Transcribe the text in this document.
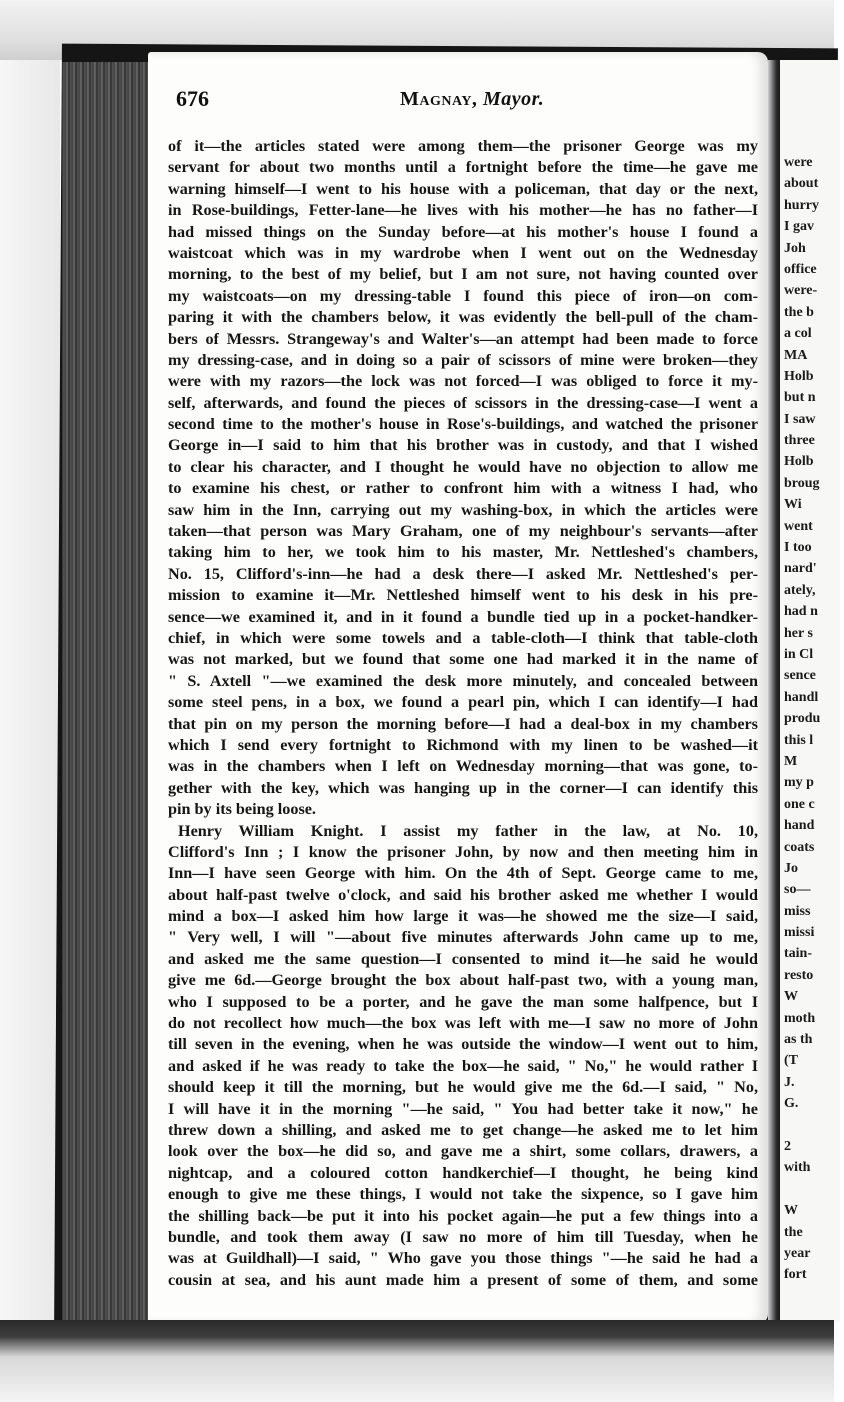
were
about
hurry
I gav
Joh
office
were-
the b
a col
MA
Holb
but n
I saw
three
Holb
broug
Wi
went
I too
nard'
ately,
had n
her s
in Cl
sence
handl
produ
this l
M
my p
one c
hand
coats
Jo
so—
miss
missi
tain-
resto
W
moth
as th
(T
J.
G.
2
with
W
the
year
fort
676	Magnay, Mayor.
of it—the articles stated were among them—the prisoner George was my
servant for about two months until a fortnight before the time—he gave me
warning himself—I went to his house with a policeman, that day or the next,
in Rose-buildings, Fetter-lane—he lives with his mother—he has no father—I
had missed things on the Sunday before—at his mother's house I found a
waistcoat which was in my wardrobe when I went out on the Wednesday
morning, to the best of my belief, but I am not sure, not having counted over
my waistcoats—on my dressing-table I found this piece of iron—on com-
paring it with the chambers below, it was evidently the bell-pull of the cham-
bers of Messrs. Strangeway's and Walter's—an attempt had been made to force
my dressing-case, and in doing so a pair of scissors of mine were broken—they
were with my razors—the lock was not forced—I was obliged to force it my-
self, afterwards, and found the pieces of scissors in the dressing-case—I went a
second time to the mother's house in Rose's-buildings, and watched the prisoner
George in—I said to him that his brother was in custody, and that I wished
to clear his character, and I thought he would have no objection to allow me
to examine his chest, or rather to confront him with a witness I had, who
saw him in the Inn, carrying out my washing-box, in which the articles were
taken—that person was Mary Graham, one of my neighbour's servants—after
taking him to her, we took him to his master, Mr. Nettleshed's chambers,
No. 15, Clifford's-inn—he had a desk there—I asked Mr. Nettleshed's per-
mission to examine it—Mr. Nettleshed himself went to his desk in his pre-
sence—we examined it, and in it found a bundle tied up in a pocket-handker-
chief, in which were some towels and a table-cloth—I think that table-cloth
was not marked, but we found that some one had marked it in the name of
" S. Axtell "—we examined the desk more minutely, and concealed between
some steel pens, in a box, we found a pearl pin, which I can identify—I had
that pin on my person the morning before—I had a deal-box in my chambers
which I send every fortnight to Richmond with my linen to be washed—it
was in the chambers when I left on Wednesday morning—that was gone, to-
gether with the key, which was hanging up in the corner—I can identify this
pin by its being loose.
Henry William Knight. I assist my father in the law, at No. 10,
Clifford's Inn ; I know the prisoner John, by now and then meeting him in
Inn—I have seen George with him. On the 4th of Sept. George came to me,
about half-past twelve o'clock, and said his brother asked me whether I would
mind a box—I asked him how large it was—he showed me the size—I said,
" Very well, I will "—about five minutes afterwards John came up to me,
and asked me the same question—I consented to mind it—he said he would
give me 6d.—George brought the box about half-past two, with a young man,
who I supposed to be a porter, and he gave the man some halfpence, but I
do not recollect how much—the box was left with me—I saw no more of John
till seven in the evening, when he was outside the window—I went out to him,
and asked if he was ready to take the box—he said, " No," he would rather I
should keep it till the morning, but he would give me the 6d.—I said, " No,
I will have it in the morning "—he said, " You had better take it now," he
threw down a shilling, and asked me to get change—he asked me to let him
look over the box—he did so, and gave me a shirt, some collars, drawers, a
nightcap, and a coloured cotton handkerchief—I thought, he being kind
enough to give me these things, I would not take the sixpence, so I gave him
the shilling back—be put it into his pocket again—he put a few things into a
bundle, and took them away (I saw no more of him till Tuesday, when he
was at Guildhall)—I said, " Who gave you those things "—he said he had a
cousin at sea, and his aunt made him a present of some of them, and some
